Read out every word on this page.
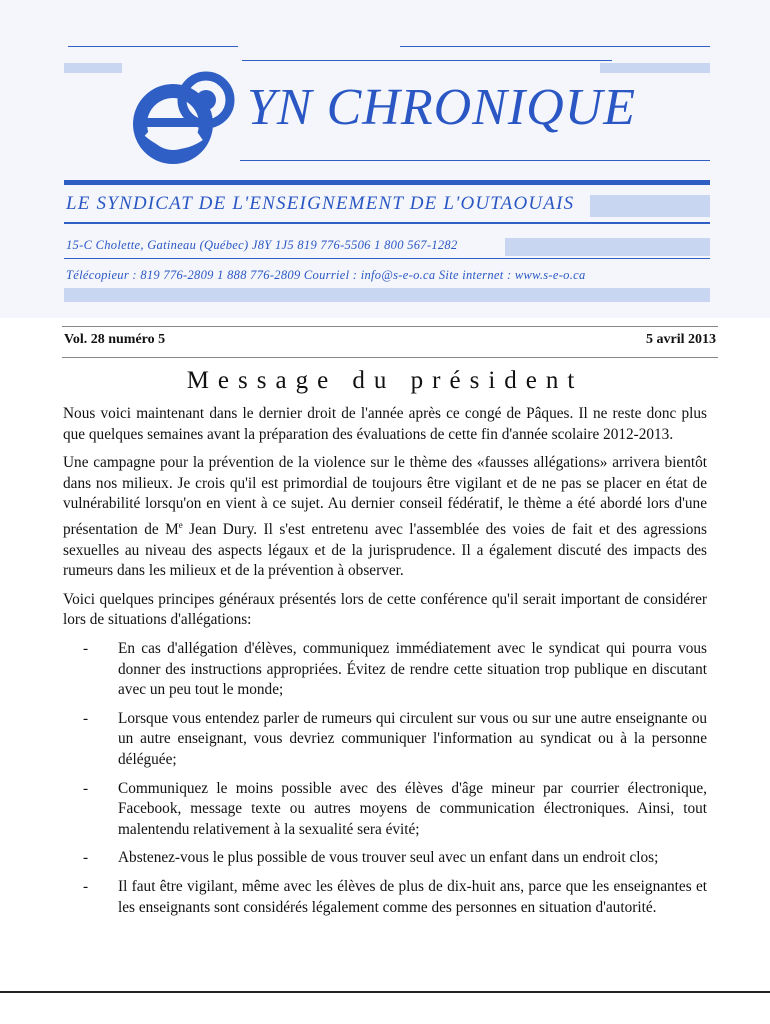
YN CHRONIQUE
LE SYNDICAT DE L'ENSEIGNEMENT DE L'OUTAOUAIS
15-C Cholette, Gatineau (Québec) J8Y 1J5 819 776-5506 1 800 567-1282
Télécopieur : 819 776-2809 1 888 776-2809 Courriel : info@s-e-o.ca Site internet : www.s-e-o.ca
Vol. 28 numéro 5	5 avril 2013
Message du président

Nous voici maintenant dans le dernier droit de l'année après ce congé de Pâques. Il ne reste donc plus que quelques semaines avant la préparation des évaluations de cette fin d'année scolaire 2012-2013.

Une campagne pour la prévention de la violence sur le thème des «fausses allégations» arrivera bientôt dans nos milieux. Je crois qu'il est primordial de toujours être vigilant et de ne pas se placer en état de vulnérabilité lorsqu'on en vient à ce sujet. Au dernier conseil fédératif, le thème a été abordé lors d'une présentation de Me Jean Dury. Il s'est entretenu avec l'assemblée des voies de fait et des agressions sexuelles au niveau des aspects légaux et de la jurisprudence. Il a également discuté des impacts des rumeurs dans les milieux et de la prévention à observer.

Voici quelques principes généraux présentés lors de cette conférence qu'il serait important de considérer lors de situations d'allégations:

- En cas d'allégation d'élèves, communiquez immédiatement avec le syndicat qui pourra vous donner des instructions appropriées. Évitez de rendre cette situation trop publique en discutant avec un peu tout le monde;
- Lorsque vous entendez parler de rumeurs qui circulent sur vous ou sur une autre enseignante ou un autre enseignant, vous devriez communiquer l'information au syndicat ou à la personne déléguée;
- Communiquez le moins possible avec des élèves d'âge mineur par courrier électronique, Facebook, message texte ou autres moyens de communication électroniques. Ainsi, tout malentendu relativement à la sexualité sera évité;
- Abstenez-vous le plus possible de vous trouver seul avec un enfant dans un endroit clos;
- Il faut être vigilant, même avec les élèves de plus de dix-huit ans, parce que les enseignantes et les enseignants sont considérés légalement comme des personnes en situation d'autorité.
